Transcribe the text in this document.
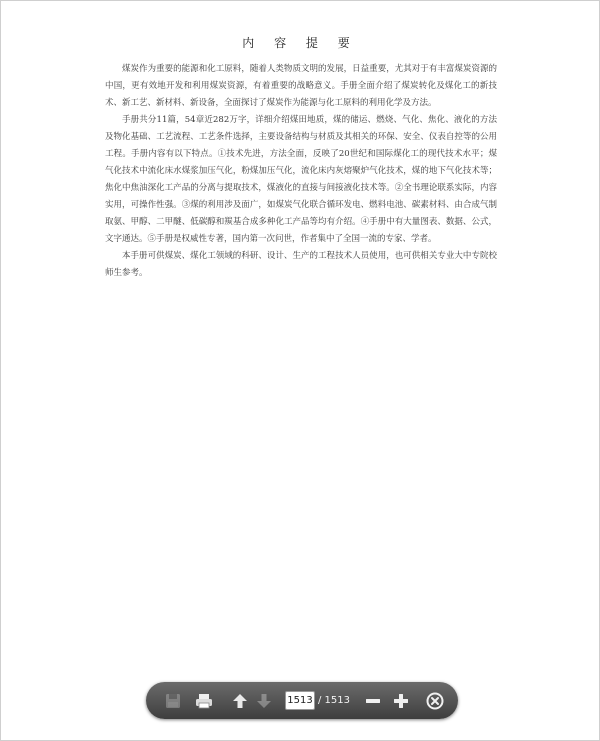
内 容 提 要

煤炭作为重要的能源和化工原料，随着人类物质文明的发展，日益重要，尤其对于有丰富煤炭资源的中国，更有效地开发和利用煤炭资源，有着重要的战略意义。手册全面介绍了煤炭转化及煤化工的新技术、新工艺、新材料、新设备，全面探讨了煤炭作为能源与化工原料的利用化学及方法。

手册共分11篇，54章近282万字，详细介绍煤田地质，煤的储运、燃烧、气化、焦化、液化的方法及物化基础、工艺流程、工艺条件选择，主要设备结构与材质及其相关的环保、安全、仪表自控等的公用工程。手册内容有以下特点。①技术先进，方法全面，反映了20世纪和国际煤化工的现代技术水平；煤气化技术中流化床水煤浆加压气化，粉煤加压气化，流化床内灰熔聚炉气化技术，煤的地下气化技术等；焦化中焦油深化工产品的分离与提取技术，煤液化的直接与间接液化技术等。②全书理论联系实际，内容实用，可操作性强。③煤的利用涉及面广，如煤炭气化联合循环发电、燃料电池、碳素材料、由合成气制取氨、甲醇、二甲醚、低碳醇和羰基合成多种化工产品等均有介绍。④手册中有大量图表、数据、公式，文字通达。⑤手册是权威性专著，国内第一次问世，作者集中了全国一流的专家、学者。

本手册可供煤炭、煤化工领域的科研、设计、生产的工程技术人员使用，也可供相关专业大中专院校师生参考。

1513
/ 1513
